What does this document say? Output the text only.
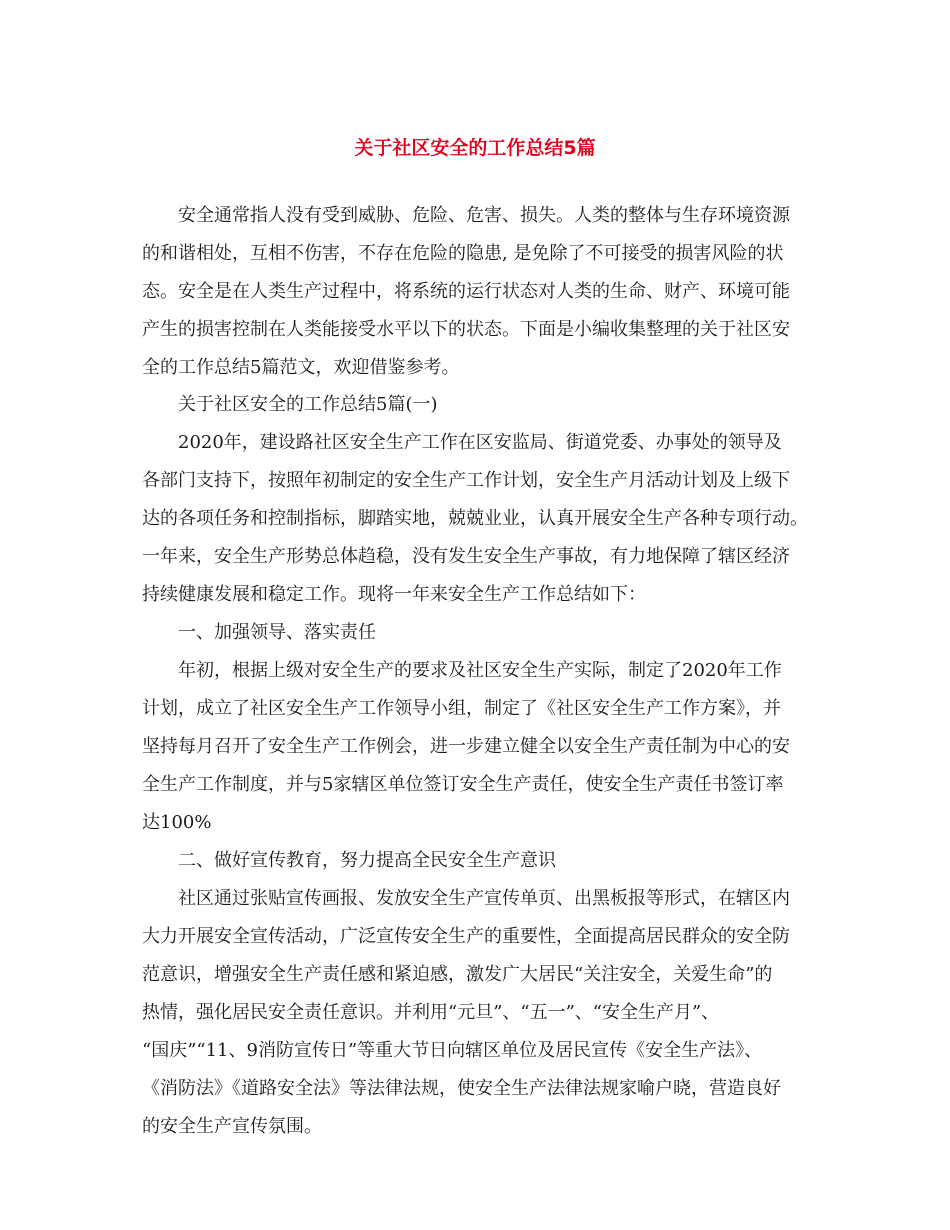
关于社区安全的工作总结5篇
安全通常指人没有受到威胁、危险、危害、损失。人类的整体与生存环境资源
的和谐相处，互相不伤害，不存在危险的隐患, 是免除了不可接受的损害风险的状
态。安全是在人类生产过程中，将系统的运行状态对人类的生命、财产、环境可能
产生的损害控制在人类能接受水平以下的状态。下面是小编收集整理的关于社区安
全的工作总结5篇范文，欢迎借鉴参考。
关于社区安全的工作总结5篇(一)
2020年，建设路社区安全生产工作在区安监局、街道党委、办事处的领导及
各部门支持下，按照年初制定的安全生产工作计划，安全生产月活动计划及上级下
达的各项任务和控制指标，脚踏实地，兢兢业业，认真开展安全生产各种专项行动。
一年来，安全生产形势总体趋稳，没有发生安全生产事故，有力地保障了辖区经济
持续健康发展和稳定工作。现将一年来安全生产工作总结如下：
一、加强领导、落实责任
年初，根据上级对安全生产的要求及社区安全生产实际，制定了2020年工作
计划，成立了社区安全生产工作领导小组，制定了《社区安全生产工作方案》，并
坚持每月召开了安全生产工作例会，进一步建立健全以安全生产责任制为中心的安
全生产工作制度，并与5家辖区单位签订安全生产责任，使安全生产责任书签订率
达100%
二、做好宣传教育，努力提高全民安全生产意识
社区通过张贴宣传画报、发放安全生产宣传单页、出黑板报等形式，在辖区内
大力开展安全宣传活动，广泛宣传安全生产的重要性，全面提高居民群众的安全防
范意识，增强安全生产责任感和紧迫感，激发广大居民“关注安全，关爱生命”的
热情，强化居民安全责任意识。并利用“元旦”、“五一”、“安全生产月”、
“国庆”“11、9消防宣传日”等重大节日向辖区单位及居民宣传《安全生产法》、
《消防法》《道路安全法》等法律法规，使安全生产法律法规家喻户晓，营造良好
的安全生产宣传氛围。
